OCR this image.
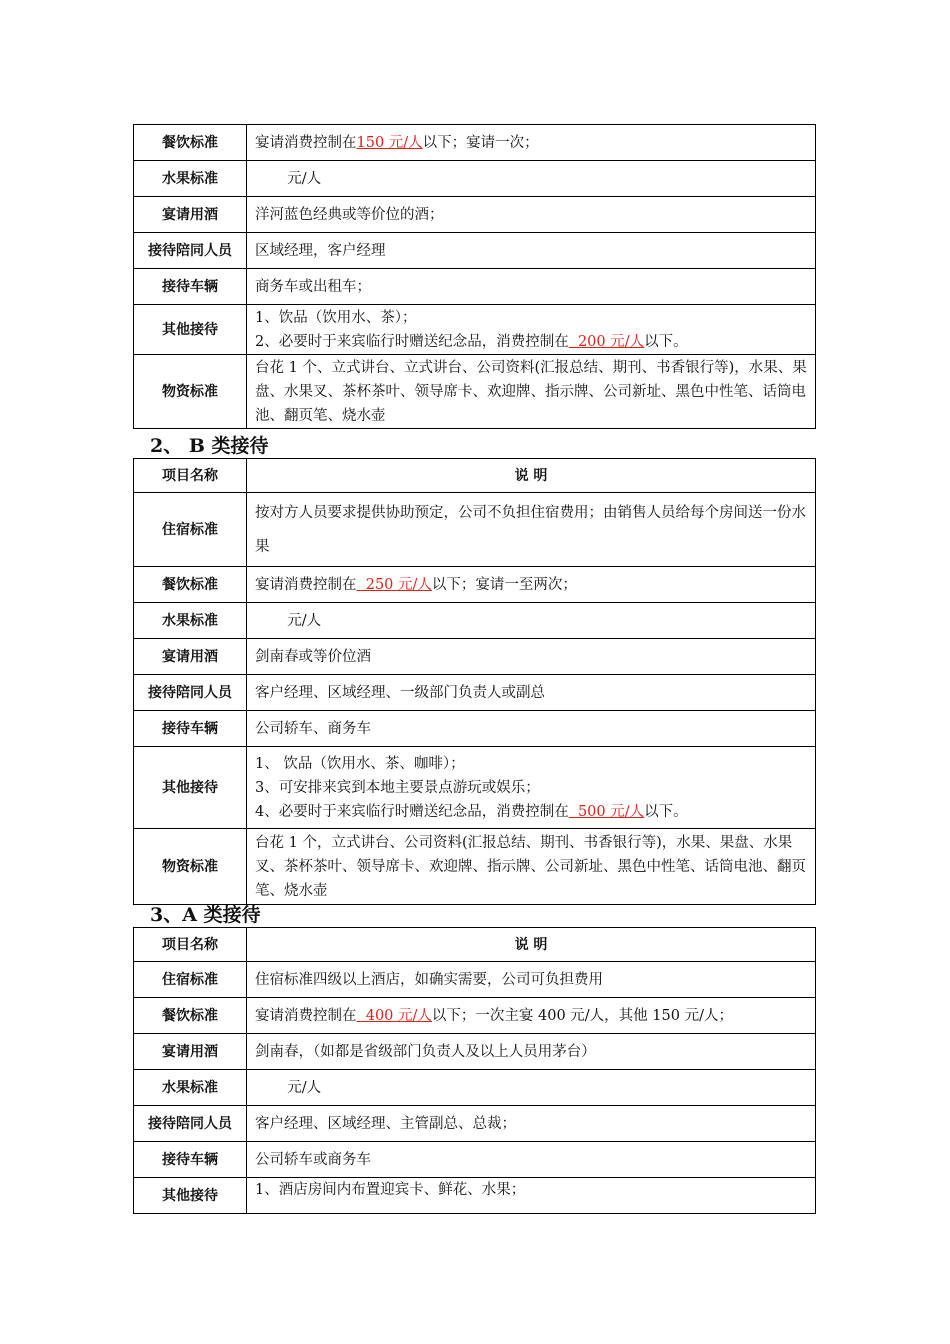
餐饮标准	宴请消费控制在150 元/人以下；宴请一次；
水果标准	元/人
宴请用酒	洋河蓝色经典或等价位的酒；
接待陪同人员	区域经理，客户经理
接待车辆	商务车或出租车；
其他接待	1、饮品（饮用水、茶）；
2、必要时于来宾临行时赠送纪念品，消费控制在  200 元/人以下。

物资标准	台花 1 个、立式讲台、立式讲台、公司资料(汇报总结、期刊、书香银行等)，水果、果盘、水果叉、茶杯茶叶、领导席卡、欢迎牌、指示牌、公司新址、黑色中性笔、话筒电池、翻页笔、烧水壶
2、 B 类接待
项目名称	说 明
住宿标准	按对方人员要求提供协助预定，公司不负担住宿费用；由销售人员给每个房间送一份水果
餐饮标准	宴请消费控制在  250 元/人以下；宴请一至两次；
水果标准	元/人
宴请用酒	剑南春或等价位酒
接待陪同人员	客户经理、区域经理、一级部门负责人或副总
接待车辆	公司轿车、商务车
其他接待	1、 饮品（饮用水、茶、咖啡）；
3、可安排来宾到本地主要景点游玩或娱乐；
4、必要时于来宾临行时赠送纪念品，消费控制在  500 元/人以下。

物资标准	台花 1 个，立式讲台、公司资料(汇报总结、期刊、书香银行等)，水果、果盘、水果叉、茶杯茶叶、领导席卡、欢迎牌、指示牌、公司新址、黑色中性笔、话筒电池、翻页笔、烧水壶
3、A 类接待
项目名称	说 明
住宿标准	住宿标准四级以上酒店，如确实需要，公司可负担费用
餐饮标准	宴请消费控制在  400 元/人以下；一次主宴 400 元/人，其他 150 元/人；
宴请用酒	剑南春，（如都是省级部门负责人及以上人员用茅台）
水果标准	元/人
接待陪同人员	客户经理、区域经理、主管副总、总裁；
接待车辆	公司轿车或商务车
其他接待	1、酒店房间内布置迎宾卡、鲜花、水果；
